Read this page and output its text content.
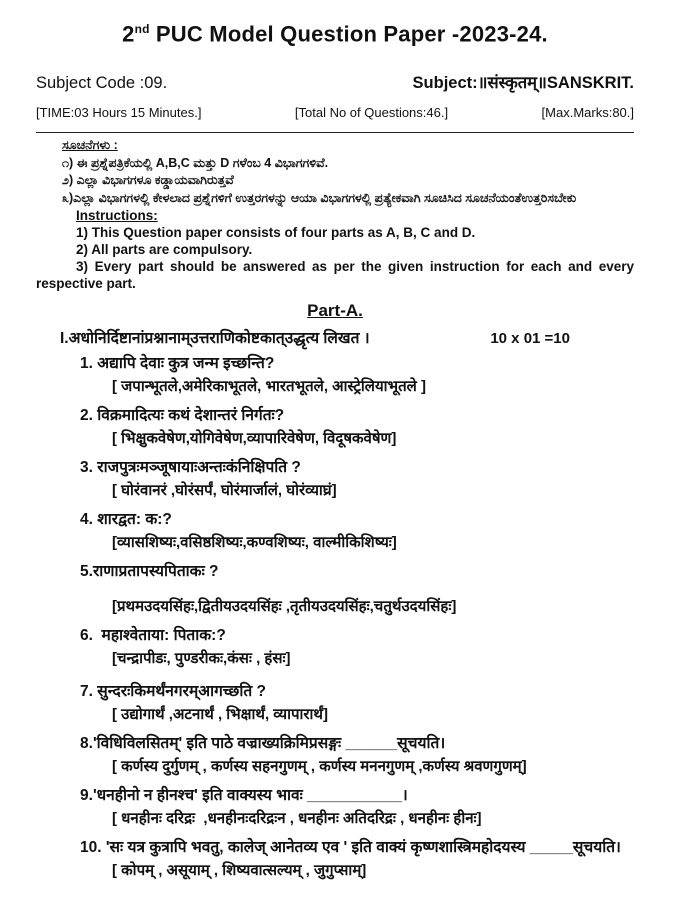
2nd PUC Model Question Paper -2023-24.
Subject Code :09.	Subject:॥संस्कृतम्॥SANSKRIT.
[TIME:03 Hours 15 Minutes.]	[Total No of Questions:46.]	[Max.Marks:80.]
ಸೂಚನೆಗಳು :
೧) ಈ ಪ್ರಶ್ನೆಪತ್ರಿಕೆಯಲ್ಲಿ A,B,C ಮತ್ತು D ಗಳೆಂಬ 4 ವಿಭಾಗಗಳಿವೆ.
೨) ಎಲ್ಲಾ ವಿಭಾಗಗಳೂ ಕಡ್ಡಾಯವಾಗಿರುತ್ತವೆ
೩)ಎಲ್ಲಾ ವಿಭಾಗಗಳಲ್ಲಿ ಕೇಳಲಾದ ಪ್ರಶ್ನೆಗಳಿಗೆ ಉತ್ತರಗಳನ್ನು ಆಯಾ ವಿಭಾಗಗಳಲ್ಲಿ ಪ್ರತ್ಯೇಕವಾಗಿ ಸೂಚಿಸಿದ ಸೂಚನೆಯಂತೆಉತ್ತರಿಸಬೇಕು
Instructions:
1) This Question paper consists of four parts as A, B, C and D.
2) All parts are compulsory.
3) Every part should be answered as per the given instruction for each and every respective part.
Part-A.
I.अधोनिर्दिष्टानांप्रश्नानाम्उत्तराणिकोष्टकात्उद्धृत्य लिखत ।	10 x 01 =10
1. अद्यापि देवाः कुत्र जन्म इच्छन्ति?
[ जपान्भूतले,अमेरिकाभूतले, भारतभूतले, आस्ट्रेलियाभूतले ]
2. विक्रमादित्यः कथं देशान्तरं निर्गतः?
[ भिक्षुकवेषेण,योगिवेषेण,व्यापारिवेषेण, विदूषकवेषेण]
3. राजपुत्रःमञ्जूषायाःअन्तःकंनिक्षिपति ?
[ घोरंवानरं ,घोरंसर्पं, घोरंमार्जालं, घोरंव्याघ्रं]
4. शारद्वत: क:?
[व्यासशिष्यः,वसिष्ठशिष्यः,कण्वशिष्यः, वाल्मीकिशिष्यः]
5.राणाप्रतापस्यपिताकः ?
[प्रथमउदयसिंहः,द्वितीयउदयसिंहः ,तृतीयउदयसिंहः,चतुर्थउदयसिंहः]
6.  महाश्वेताया: पिताक:?
[चन्द्रापीडः, पुण्डरीकः,कंसः , हंसः]
7. सुन्दरःकिमर्थंनगरम्आगच्छति ?
[ उद्योगार्थं ,अटनार्थं , भिक्षार्थं, व्यापारार्थं]
8.'विधिविलसितम्' इति पाठे वज्राख्यक्रिमिप्रसङ्गः ______सूचयति।
[ कर्णस्य दुर्गुणम् , कर्णस्य सहनगुणम् , कर्णस्य मननगुणम् ,कर्णस्य श्रवणगुणम्]
9.'धनहीनो न हीनश्च' इति वाक्यस्य भावः ___________।
[ धनहीनः दरिद्रः  ,धनहीनःदरिद्रःन , धनहीनः अतिदरिद्रः , धनहीनः हीनः]
10. 'सः यत्र कुत्रापि भवतु, कालेज् आनेतव्य एव ' इति वाक्यं कृष्णशास्त्रिमहोदयस्य _____सूचयति।
[ कोपम् , असूयाम् , शिष्यवात्सल्यम् , जुगुप्साम्]
